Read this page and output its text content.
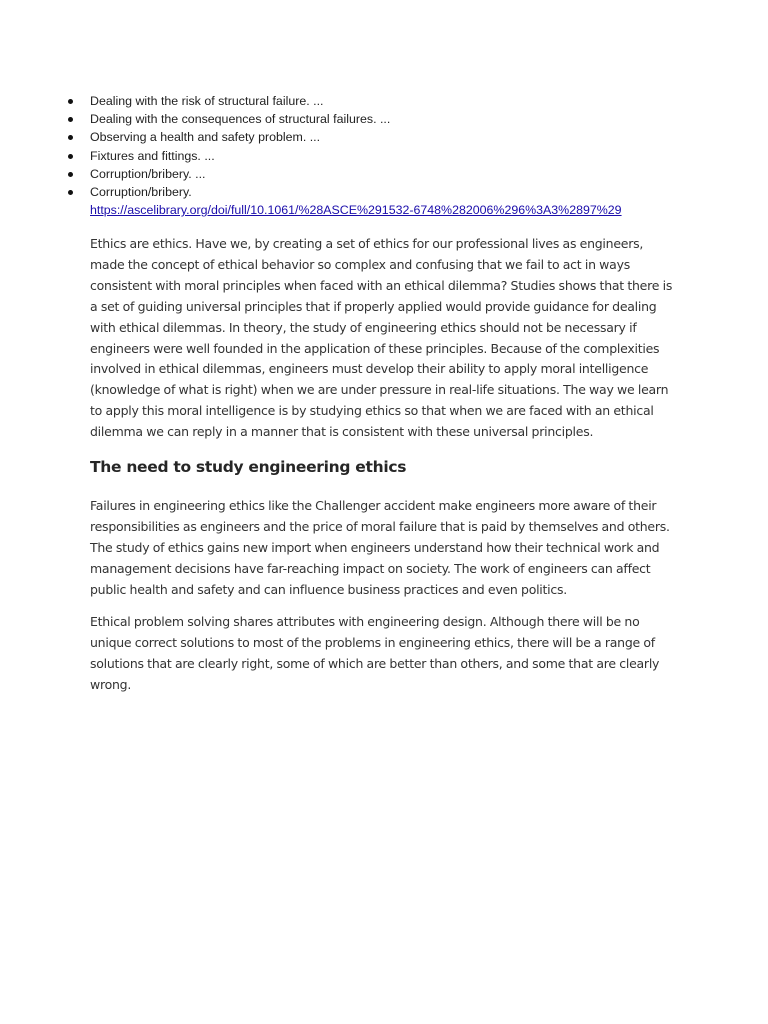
Dealing with the risk of structural failure. ...
Dealing with the consequences of structural failures. ...
Observing a health and safety problem. ...
Fixtures and fittings. ...
Corruption/bribery. ...
Corruption/bribery.
https://ascelibrary.org/doi/full/10.1061/%28ASCE%291532-6748%282006%296%3A3%2897%29

Ethics are ethics. Have we, by creating a set of ethics for our professional lives as engineers, made the concept of ethical behavior so complex and confusing that we fail to act in ways consistent with moral principles when faced with an ethical dilemma? Studies shows that there is a set of guiding universal principles that if properly applied would provide guidance for dealing with ethical dilemmas. In theory, the study of engineering ethics should not be necessary if engineers were well founded in the application of these principles. Because of the complexities involved in ethical dilemmas, engineers must develop their ability to apply moral intelligence (knowledge of what is right) when we are under pressure in real-life situations. The way we learn to apply this moral intelligence is by studying ethics so that when we are faced with an ethical dilemma we can reply in a manner that is consistent with these universal principles.

The need to study engineering ethics

Failures in engineering ethics like the Challenger accident make engineers more aware of their responsibilities as engineers and the price of moral failure that is paid by themselves and others. The study of ethics gains new import when engineers understand how their technical work and management decisions have far-reaching impact on society. The work of engineers can affect public health and safety and can influence business practices and even politics.

Ethical problem solving shares attributes with engineering design. Although there will be no unique correct solutions to most of the problems in engineering ethics, there will be a range of solutions that are clearly right, some of which are better than others, and some that are clearly wrong.
